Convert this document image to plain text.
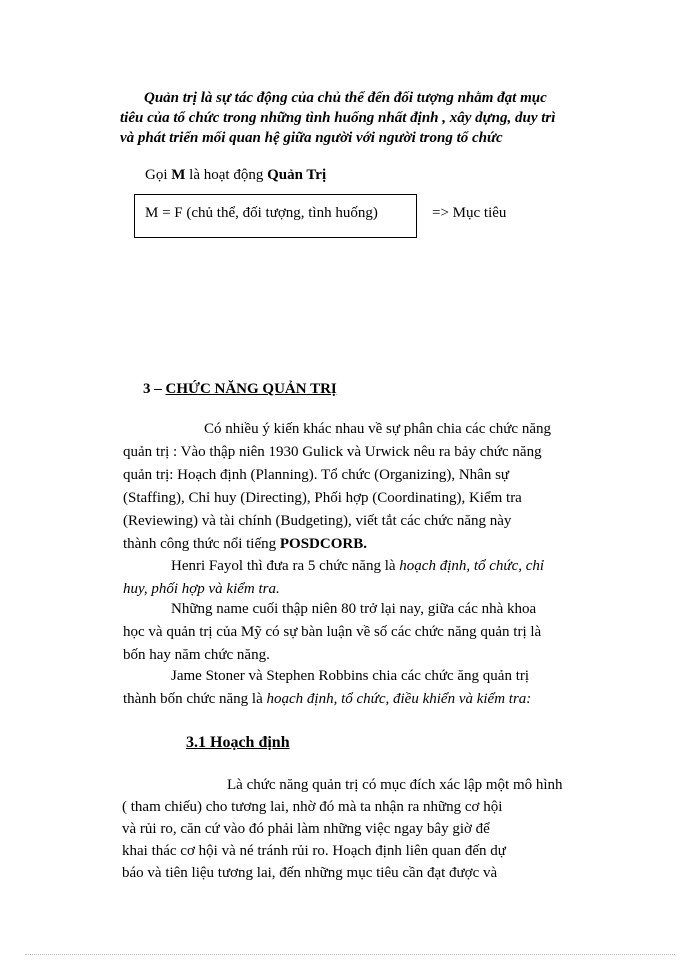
Quản trị là sự tác động của chủ thể đến đối tượng nhằm đạt mục

tiêu của tổ chức trong những tình huống nhất định , xây dựng, duy trì

và phát triển mối quan hệ giữa người với người trong tổ chức

Gọi M là hoạt động Quản Trị
M = F (chủ thể, đối tượng, tình huống)	=> Mục tiêu
3 – CHỨC NĂNG QUẢN TRỊ
Có nhiều ý kiến khác nhau về sự phân chia các chức năng
quản trị : Vào thập niên 1930 Gulick và Urwick nêu ra bảy chức năng
quản trị: Hoạch định (Planning). Tổ chức (Organizing), Nhân sự
(Staffing), Chỉ huy (Directing), Phối hợp (Coordinating), Kiểm tra
(Reviewing) và tài chính (Budgeting), viết tắt các chức năng này
thành công thức nổi tiếng POSDCORB.
Henri Fayol thì đưa ra 5 chức năng là hoạch định, tổ chức, chỉ
huy, phối hợp và kiểm tra.
Những name cuối thập niên 80 trở lại nay, giữa các nhà khoa
học và quản trị của Mỹ có sự bàn luận về số các chức năng quản trị là
bốn hay năm chức năng.
Jame Stoner và Stephen Robbins chia các chức ăng quản trị
thành bốn chức năng là hoạch định, tổ chức, điều khiển và kiểm tra:
3.1 Hoạch định
Là chức năng quản trị có mục đích xác lập một mô hình
( tham chiếu) cho tương lai, nhờ đó mà ta nhận ra những cơ hội
và rủi ro, căn cứ vào đó phải làm những việc ngay bây giờ để
khai thác cơ hội và né tránh rủi ro. Hoạch định liên quan đến dự
báo và tiên liệu tương lai, đến những mục tiêu cần đạt được và
